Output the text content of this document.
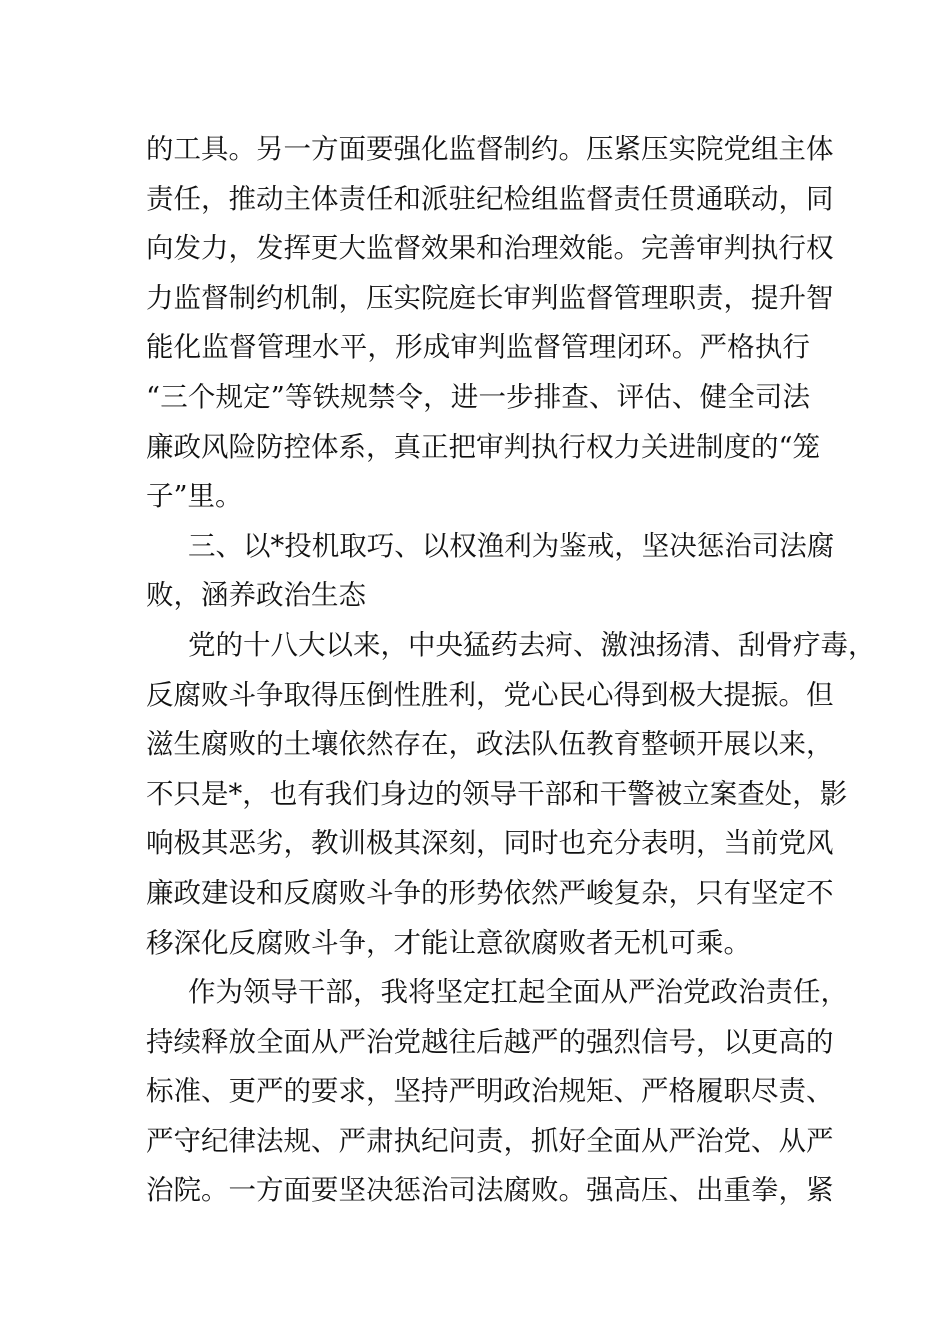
的工具。另一方面要强化监督制约。压紧压实院党组主体
责任，推动主体责任和派驻纪检组监督责任贯通联动，同
向发力，发挥更大监督效果和治理效能。完善审判执行权
力监督制约机制，压实院庭长审判监督管理职责，提升智
能化监督管理水平，形成审判监督管理闭环。严格执行
“三个规定”等铁规禁令，进一步排查、评估、健全司法
廉政风险防控体系，真正把审判执行权力关进制度的“笼
子”里。
三、以*投机取巧、以权渔利为鉴戒，坚决惩治司法腐
败，涵养政治生态
党的十八大以来，中央猛药去疴、激浊扬清、刮骨疗毒，
反腐败斗争取得压倒性胜利，党心民心得到极大提振。但
滋生腐败的土壤依然存在，政法队伍教育整顿开展以来，
不只是*，也有我们身边的领导干部和干警被立案查处，影
响极其恶劣，教训极其深刻，同时也充分表明，当前党风
廉政建设和反腐败斗争的形势依然严峻复杂，只有坚定不
移深化反腐败斗争，才能让意欲腐败者无机可乘。
作为领导干部，我将坚定扛起全面从严治党政治责任，
持续释放全面从严治党越往后越严的强烈信号，以更高的
标准、更严的要求，坚持严明政治规矩、严格履职尽责、
严守纪律法规、严肃执纪问责，抓好全面从严治党、从严
治院。一方面要坚决惩治司法腐败。强高压、出重拳，紧
